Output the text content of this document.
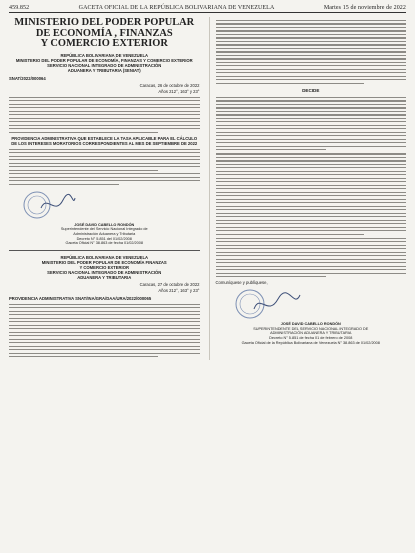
459.852	GACETA OFICIAL DE LA REPÚBLICA BOLIVARIANA DE VENEZUELA	Martes 15 de noviembre de 2022
MINISTERIO DEL PODER POPULAR
DE ECONOMÍA , FINANZAS
Y COMERCIO EXTERIOR
REPÚBLICA BOLIVARIANA DE VENEZUELA
MINISTERIO DEL PODER POPULAR DE ECONOMÍA, FINANZAS Y COMERCIO EXTERIOR
SERVICIO NACIONAL INTEGRADO DE ADMINISTRACIÓN
ADUANERA Y TRIBUTARIA (SENIAT)
SNAT/2022/000064
Caracas, 26 de octubre de 2022
Años 212°, 163° y 23°
PROVIDENCIA ADMINISTRATIVA QUE ESTABLECE LA TASA APLICABLE PARA EL CÁLCULO DE LOS INTERESES MORATORIOS CORRESPONDIENTES AL MES DE SEPTIEMBRE DE 2022
JOSÉ DAVID CABELLO RONDÓN
Superintendente del Servicio Nacional Integrado de
Administración Aduanera y Tributaria
Decreto N° 5.851 del 01/02/2008
Gaceta Oficial N° 38.863 de fecha 01/02/2008
REPÚBLICA BOLIVARIANA DE VENEZUELA
MINISTERIO DEL PODER POPULAR DE ECONOMÍA FINANZAS
Y COMERCIO EXTERIOR
SERVICIO NACIONAL INTEGRADO DE ADMINISTRACIÓN
ADUANERA Y TRIBUTARIA
Caracas, 27 de octubre de 2022
Años 212°, 163° y 23°
PROVIDENCIA ADMINISTRATIVA SNAT/INA/GRA/DAA/URA/2022/000065
DECIDE
Comuníquese y publíquese,
JOSÉ DAVID CABELLO RONDÓN
SUPERINTENDENTE DEL SERVICIO NACIONAL INTEGRADO DE
ADMINISTRACIÓN ADUANERA Y TRIBUTARIA
Decreto N° 5.851 de fecha 01 de febrero de 2008
Gaceta Oficial de la República Bolivariana de Venezuela N° 38.863 de 01/02/2008
